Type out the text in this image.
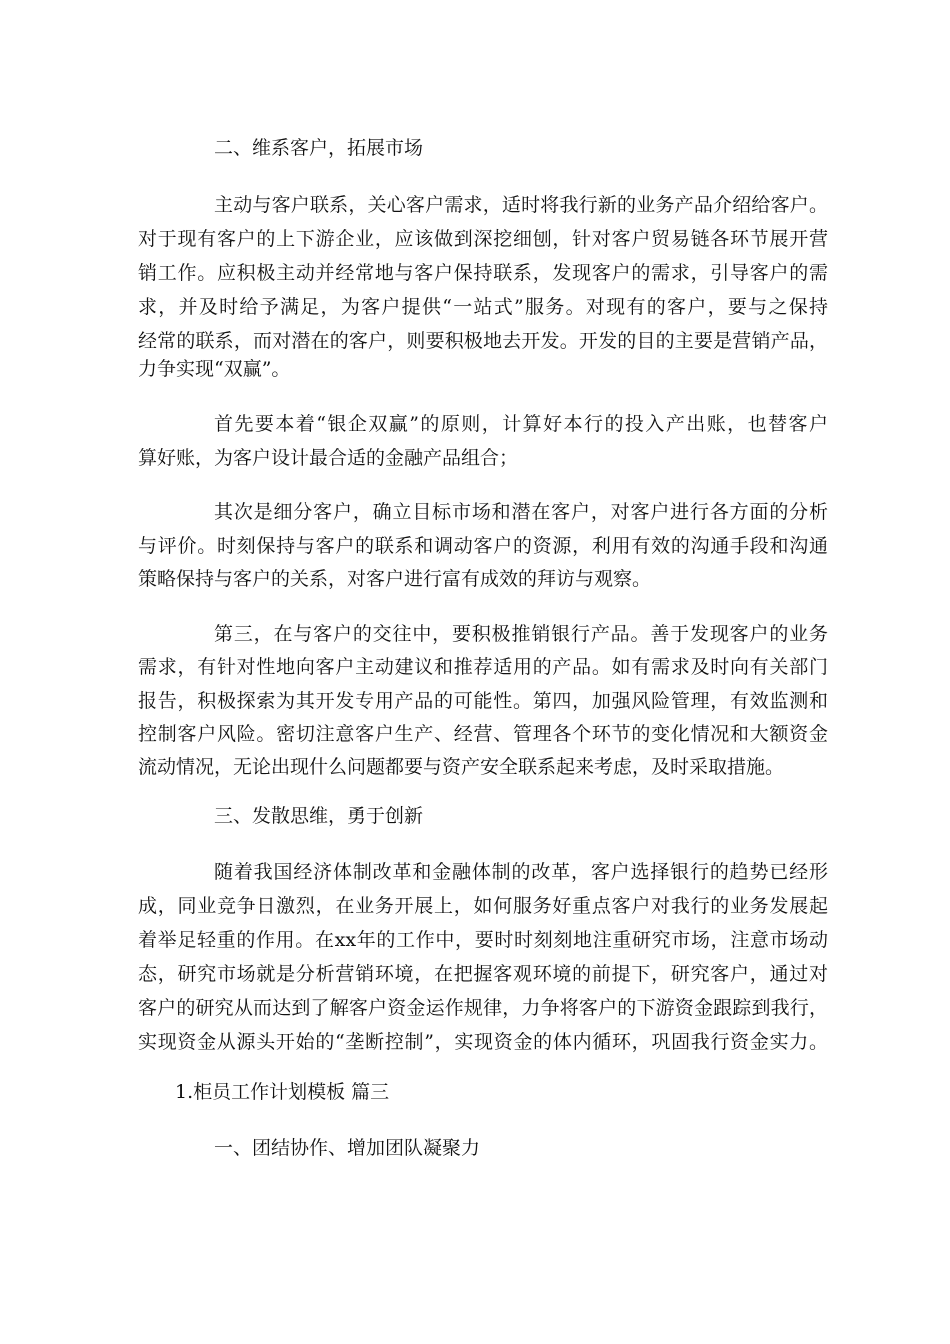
二、维系客户，拓展市场
主动与客户联系，关心客户需求，适时将我行新的业务产品介绍给客户。
对于现有客户的上下游企业，应该做到深挖细刨，针对客户贸易链各环节展开营
销工作。应积极主动并经常地与客户保持联系，发现客户的需求，引导客户的需
求，并及时给予满足，为客户提供“一站式”服务。对现有的客户，要与之保持
经常的联系，而对潜在的客户，则要积极地去开发。开发的目的主要是营销产品，
力争实现“双赢”。
首先要本着“银企双赢”的原则，计算好本行的投入产出账，也替客户
算好账，为客户设计最合适的金融产品组合；
其次是细分客户，确立目标市场和潜在客户，对客户进行各方面的分析
与评价。时刻保持与客户的联系和调动客户的资源，利用有效的沟通手段和沟通
策略保持与客户的关系，对客户进行富有成效的拜访与观察。
第三，在与客户的交往中，要积极推销银行产品。善于发现客户的业务
需求，有针对性地向客户主动建议和推荐适用的产品。如有需求及时向有关部门
报告，积极探索为其开发专用产品的可能性。第四，加强风险管理，有效监测和
控制客户风险。密切注意客户生产、经营、管理各个环节的变化情况和大额资金
流动情况，无论出现什么问题都要与资产安全联系起来考虑，及时采取措施。
三、发散思维，勇于创新
随着我国经济体制改革和金融体制的改革，客户选择银行的趋势已经形
成，同业竞争日激烈，在业务开展上，如何服务好重点客户对我行的业务发展起
着举足轻重的作用。在xx年的工作中，要时时刻刻地注重研究市场，注意市场动
态，研究市场就是分析营销环境，在把握客观环境的前提下，研究客户，通过对
客户的研究从而达到了解客户资金运作规律，力争将客户的下游资金跟踪到我行，
实现资金从源头开始的“垄断控制”，实现资金的体内循环，巩固我行资金实力。
1.柜员工作计划模板 篇三
一、团结协作、增加团队凝聚力
